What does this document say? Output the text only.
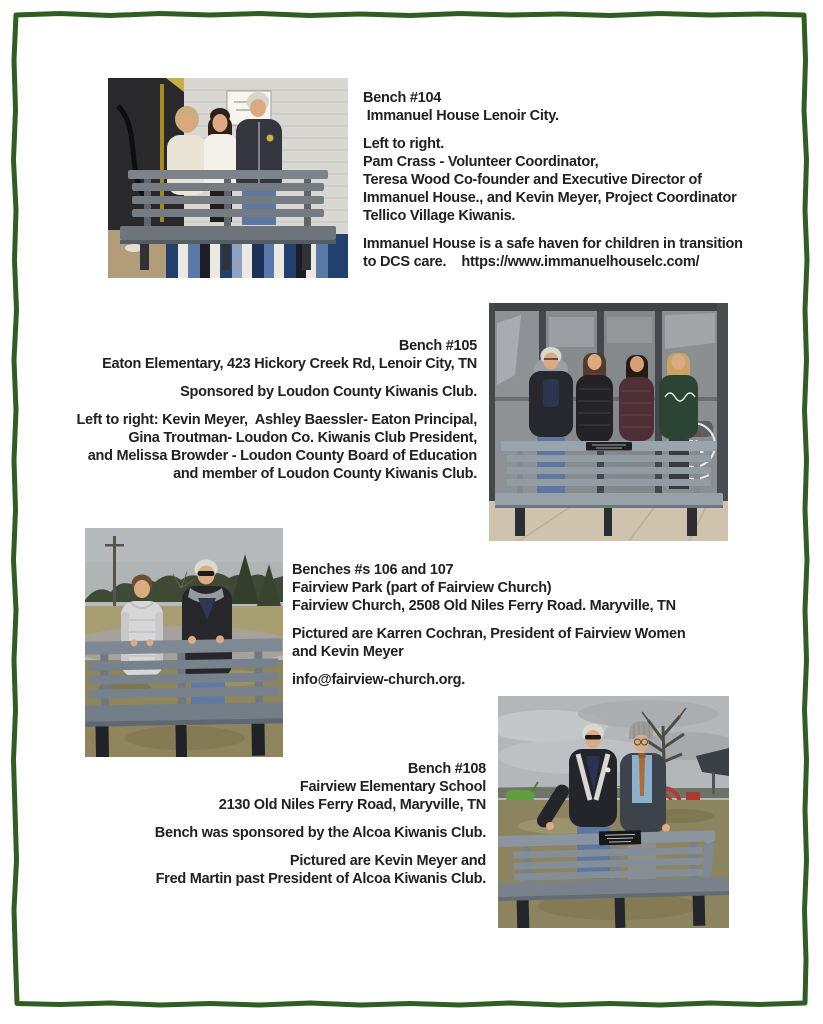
Bench #104
Immanuel House Lenoir City.
Left to right.
Pam Crass - Volunteer Coordinator,
Teresa Wood Co-founder and Executive Director of
Immanuel House., and Kevin Meyer, Project Coordinator
Tellico Village Kiwanis.
Immanuel House is a safe haven for children in transition
to DCS care.    https://www.immanuelhouselc.com/
Bench #105
Eaton Elementary, 423 Hickory Creek Rd, Lenoir City, TN
Sponsored by Loudon County Kiwanis Club.
Left to right: Kevin Meyer,  Ashley Baessler- Eaton Principal,
Gina Troutman- Loudon Co. Kiwanis Club President,
and Melissa Browder - Loudon County Board of Education
and member of Loudon County Kiwanis Club.
Benches #s 106 and 107
Fairview Park (part of Fairview Church)
Fairview Church, 2508 Old Niles Ferry Road. Maryville, TN
Pictured are Karren Cochran, President of Fairview Women
and Kevin Meyer
info@fairview-church.org.
Bench #108
Fairview Elementary School
2130 Old Niles Ferry Road, Maryville, TN
Bench was sponsored by the Alcoa Kiwanis Club.
Pictured are Kevin Meyer and
Fred Martin past President of Alcoa Kiwanis Club.
